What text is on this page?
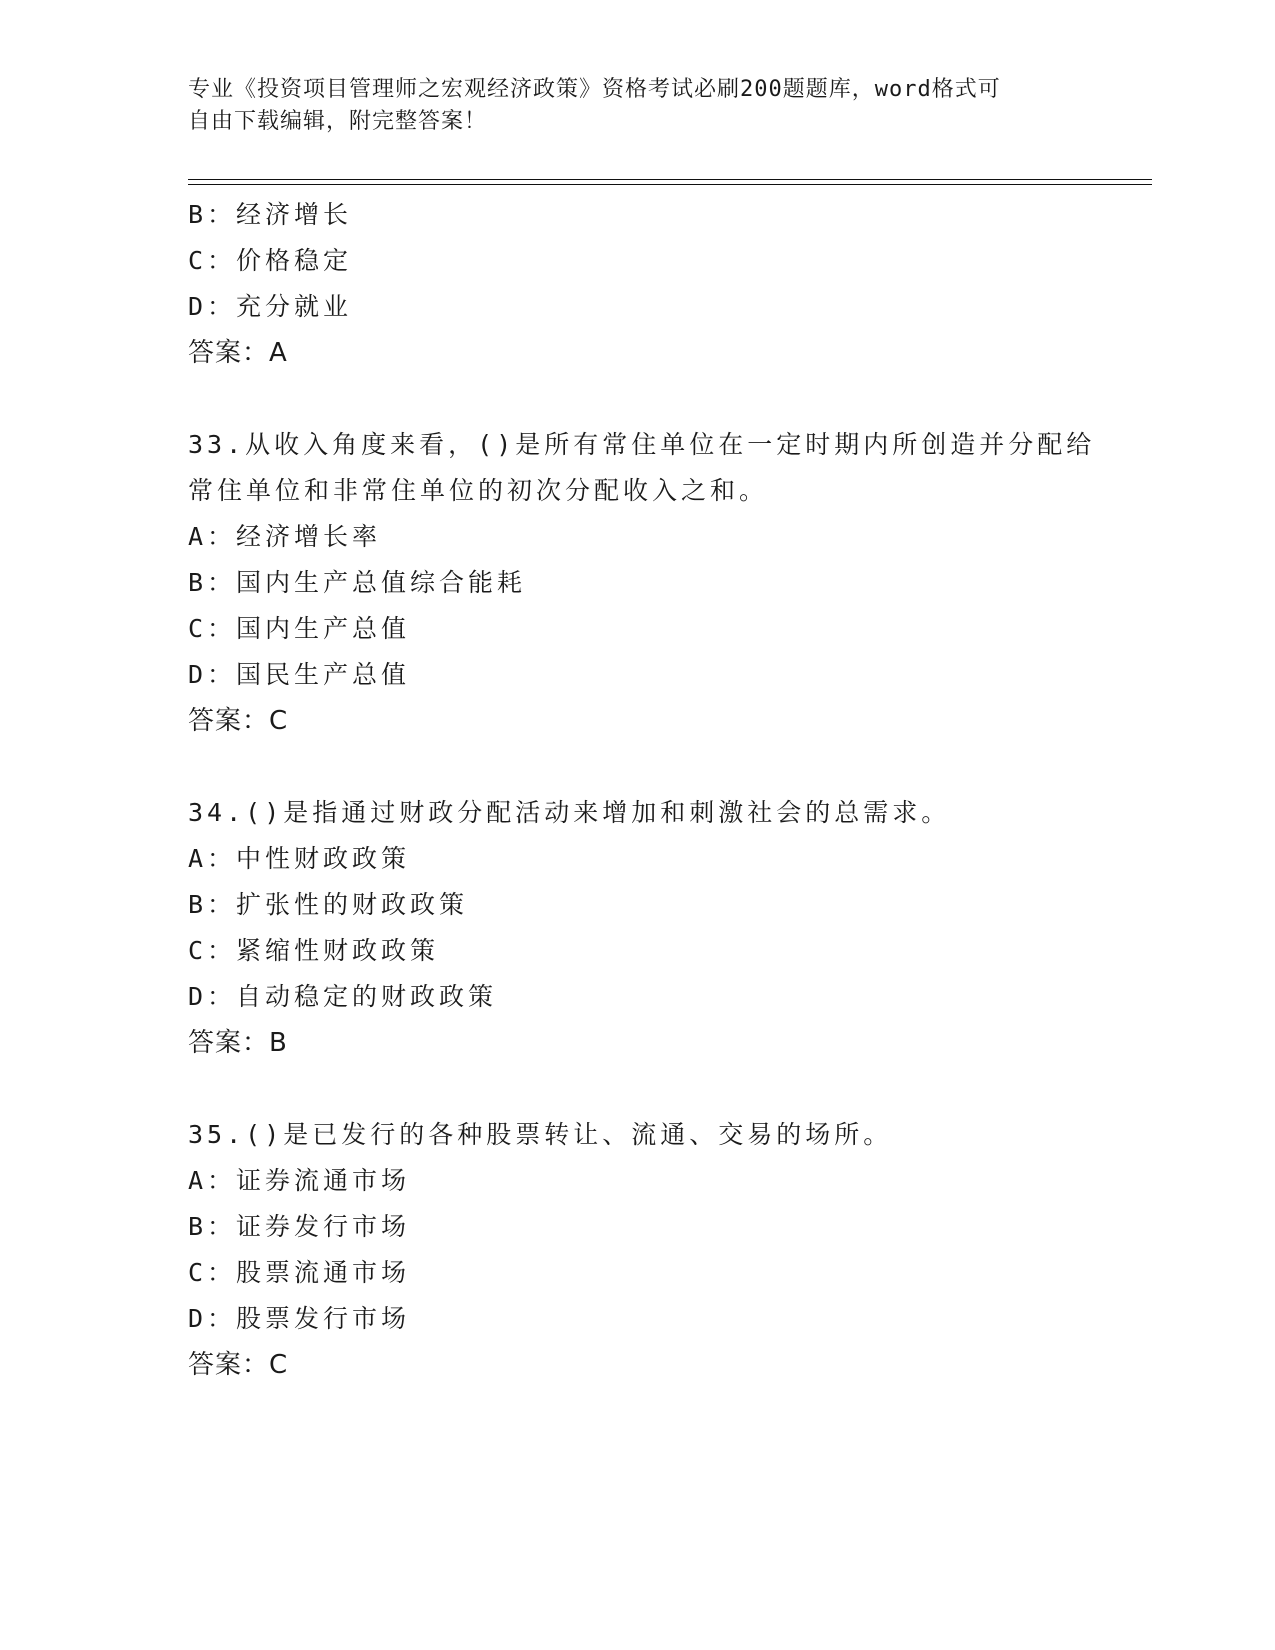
专业《投资项目管理师之宏观经济政策》资格考试必刷200题题库，word格式可
自由下载编辑，附完整答案！
B：经济增长
C：价格稳定
D：充分就业
答案：A
33.从收入角度来看，()是所有常住单位在一定时期内所创造并分配给
常住单位和非常住单位的初次分配收入之和。
A：经济增长率
B：国内生产总值综合能耗
C：国内生产总值
D：国民生产总值
答案：C
34.()是指通过财政分配活动来增加和刺激社会的总需求。
A：中性财政政策
B：扩张性的财政政策
C：紧缩性财政政策
D：自动稳定的财政政策
答案：B
35.()是已发行的各种股票转让、流通、交易的场所。
A：证券流通市场
B：证券发行市场
C：股票流通市场
D：股票发行市场
答案：C
